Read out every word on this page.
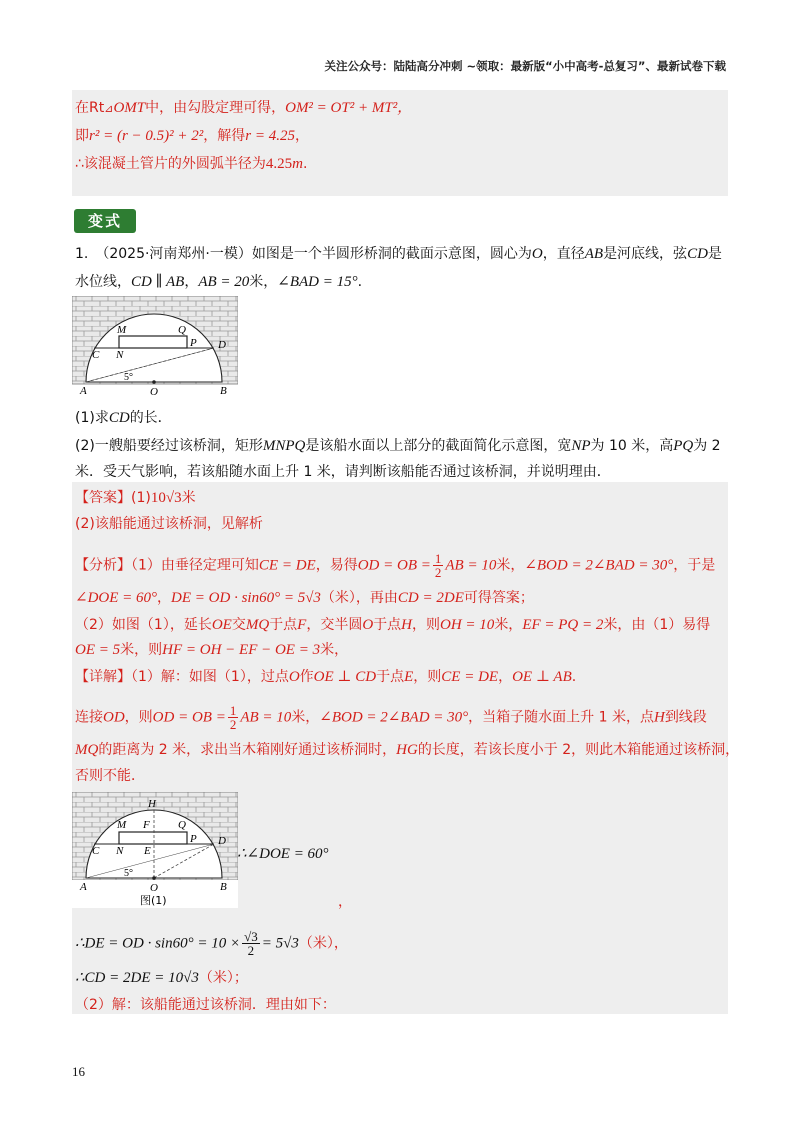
关注公众号：陆陆高分冲刺 ~领取：最新版“小中高考-总复习”、最新试卷下载
在Rt⊿OMT中，由勾股定理可得，OM² = OT² + MT²，
即r² = (r − 0.5)² + 2²，解得r = 4.25，
∴该混凝土管片的外圆弧半径为4.25m.
变式
1.　（2025·河南郑州·一模）如图是一个半圆形桥洞的截面示意图，圆心为O，直径AB是河底线，弦CD是
水位线，CD ∥ AB，AB = 20米，∠BAD = 15°.
M	Q
C N
P D
A	O	B
5°
(1)求CD的长．
(2)一艘船要经过该桥洞，矩形MNPQ是该船水面以上部分的截面简化示意图，宽NP为 10 米，高PQ为 2
米．受天气影响，若该船随水面上升 1 米，请判断该船能否通过该桥洞，并说明理由．
【答案】(1)10√3米
(2)该船能通过该桥洞，见解析
【分析】（1）由垂径定理可知CE = DE，易得OD = OB = $\frac{1}{2}$ AB = 10米，∠BOD = 2∠BAD = 30°，于是
∠DOE = 60°，DE = OD · sin60° = 5√3（米），再由CD = 2DE可得答案；
（2）如图（1），延长OE交MQ于点F，交半圆O于点H，则OH = 10米，EF = PQ = 2米，由（1）易得
OE = 5米，则HF = OH − EF − OE = 3米，
【详解】（1）解：如图（1），过点O作OE ⊥ CD于点E，则CE = DE，OE ⊥ AB.
连接OD，则OD = OB = $\frac{1}{2}$ AB = 10米，∠BOD = 2∠BAD = 30°，当箱子随水面上升 1 米，点H到线段
MQ的距离为 2 米，求出当木箱刚好通过该桥洞时，HG的长度，若该长度小于 2，则此木箱能通过该桥洞，
否则不能．
H
M F	Q
C N E
P D
A	O	B
5°
图(1)
∴∠DOE = 60°
，
∴DE = OD · $\sin 60^\circ = 10 \times \frac{√3}{2} = 5√3$（米），
∴CD = 2DE = 10√3（米）；
（2）解：该船能通过该桥洞．理由如下：
16
